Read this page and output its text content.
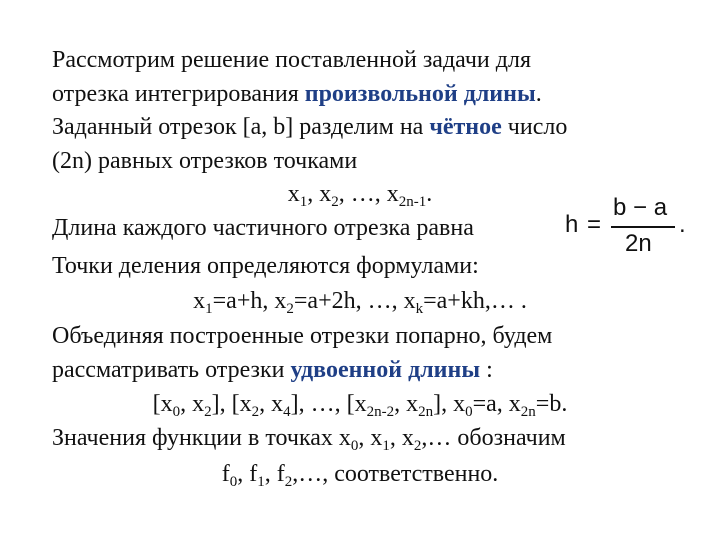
Рассмотрим решение поставленной задачи для
отрезка интегрирования произвольной длины.
Заданный отрезок [a, b] разделим на чётное число
(2n) равных отрезков точками
$x_1$, $x_2$, …, $x_{2n-1}$.
Длина каждого частичного отрезка равна	h =
b − a
2n
.
Точки деления определяются формулами:
$x_1=a+h$, $x_2=a+2h$, …, $x_k=a+kh,\dots$ .
Объединяя построенные отрезки попарно, будем
рассматривать отрезки удвоенной длины :
[$x_0$, $x_2$], [$x_2$, $x_4$], …, [$x_{2n-2}$, $x_{2n}$], $x_0=a$, $x_{2n}=b$.
Значения функции в точках $x_0$, $x_1$, $x_2,\dots$ обозначим
$f_0$, $f_1$, $f_2,\dots$, соответственно.
